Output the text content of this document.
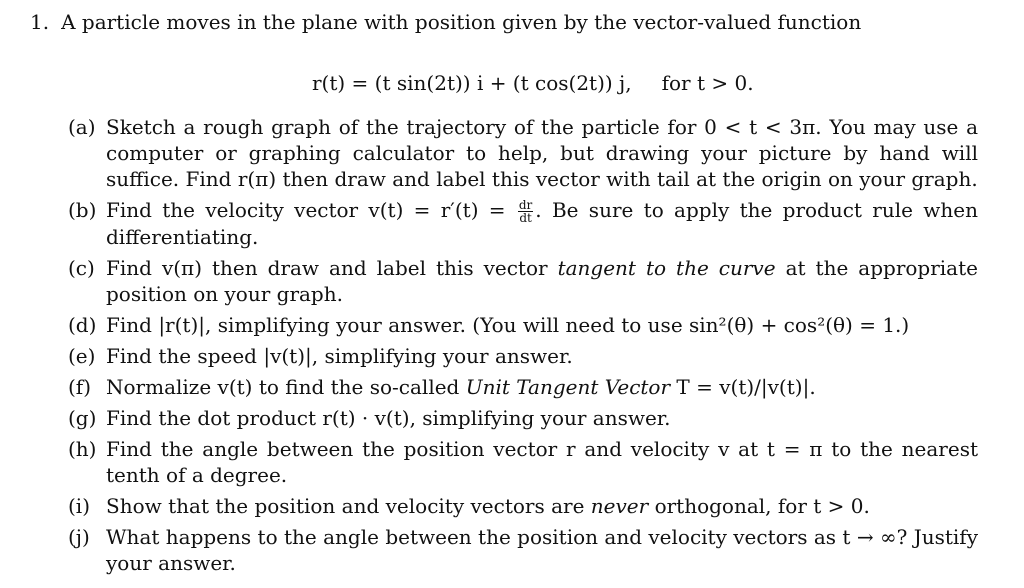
1. A particle moves in the plane with position given by the vector-valued function
r(t) = (t sin(2t)) i + (t cos(2t)) j, for t > 0.
(a) Sketch a rough graph of the trajectory of the particle for 0 < t < 3π. You may use a computer or graphing calculator to help, but drawing your picture by hand will suffice. Find r(π) then draw and label this vector with tail at the origin on your graph.
(b) Find the velocity vector $v(t) = r'(t) = \frac{dr}{dt}$ . Be sure to apply the product rule when differentiating.
(c) Find v(π) then draw and label this vector tangent to the curve at the appropriate position on your graph.
(d) Find |r(t)|, simplifying your answer. (You will need to use sin²(θ) + cos²(θ) = 1.)
(e) Find the speed |v(t)|, simplifying your answer.
(f) Normalize v(t) to find the so-called Unit Tangent Vector T = v(t)/|v(t)|.
(g) Find the dot product r(t) · v(t), simplifying your answer.
(h) Find the angle between the position vector r and velocity v at t = π to the nearest tenth of a degree.
(i) Show that the position and velocity vectors are never orthogonal, for t > 0.
(j) What happens to the angle between the position and velocity vectors as t → ∞? Justify your answer.
